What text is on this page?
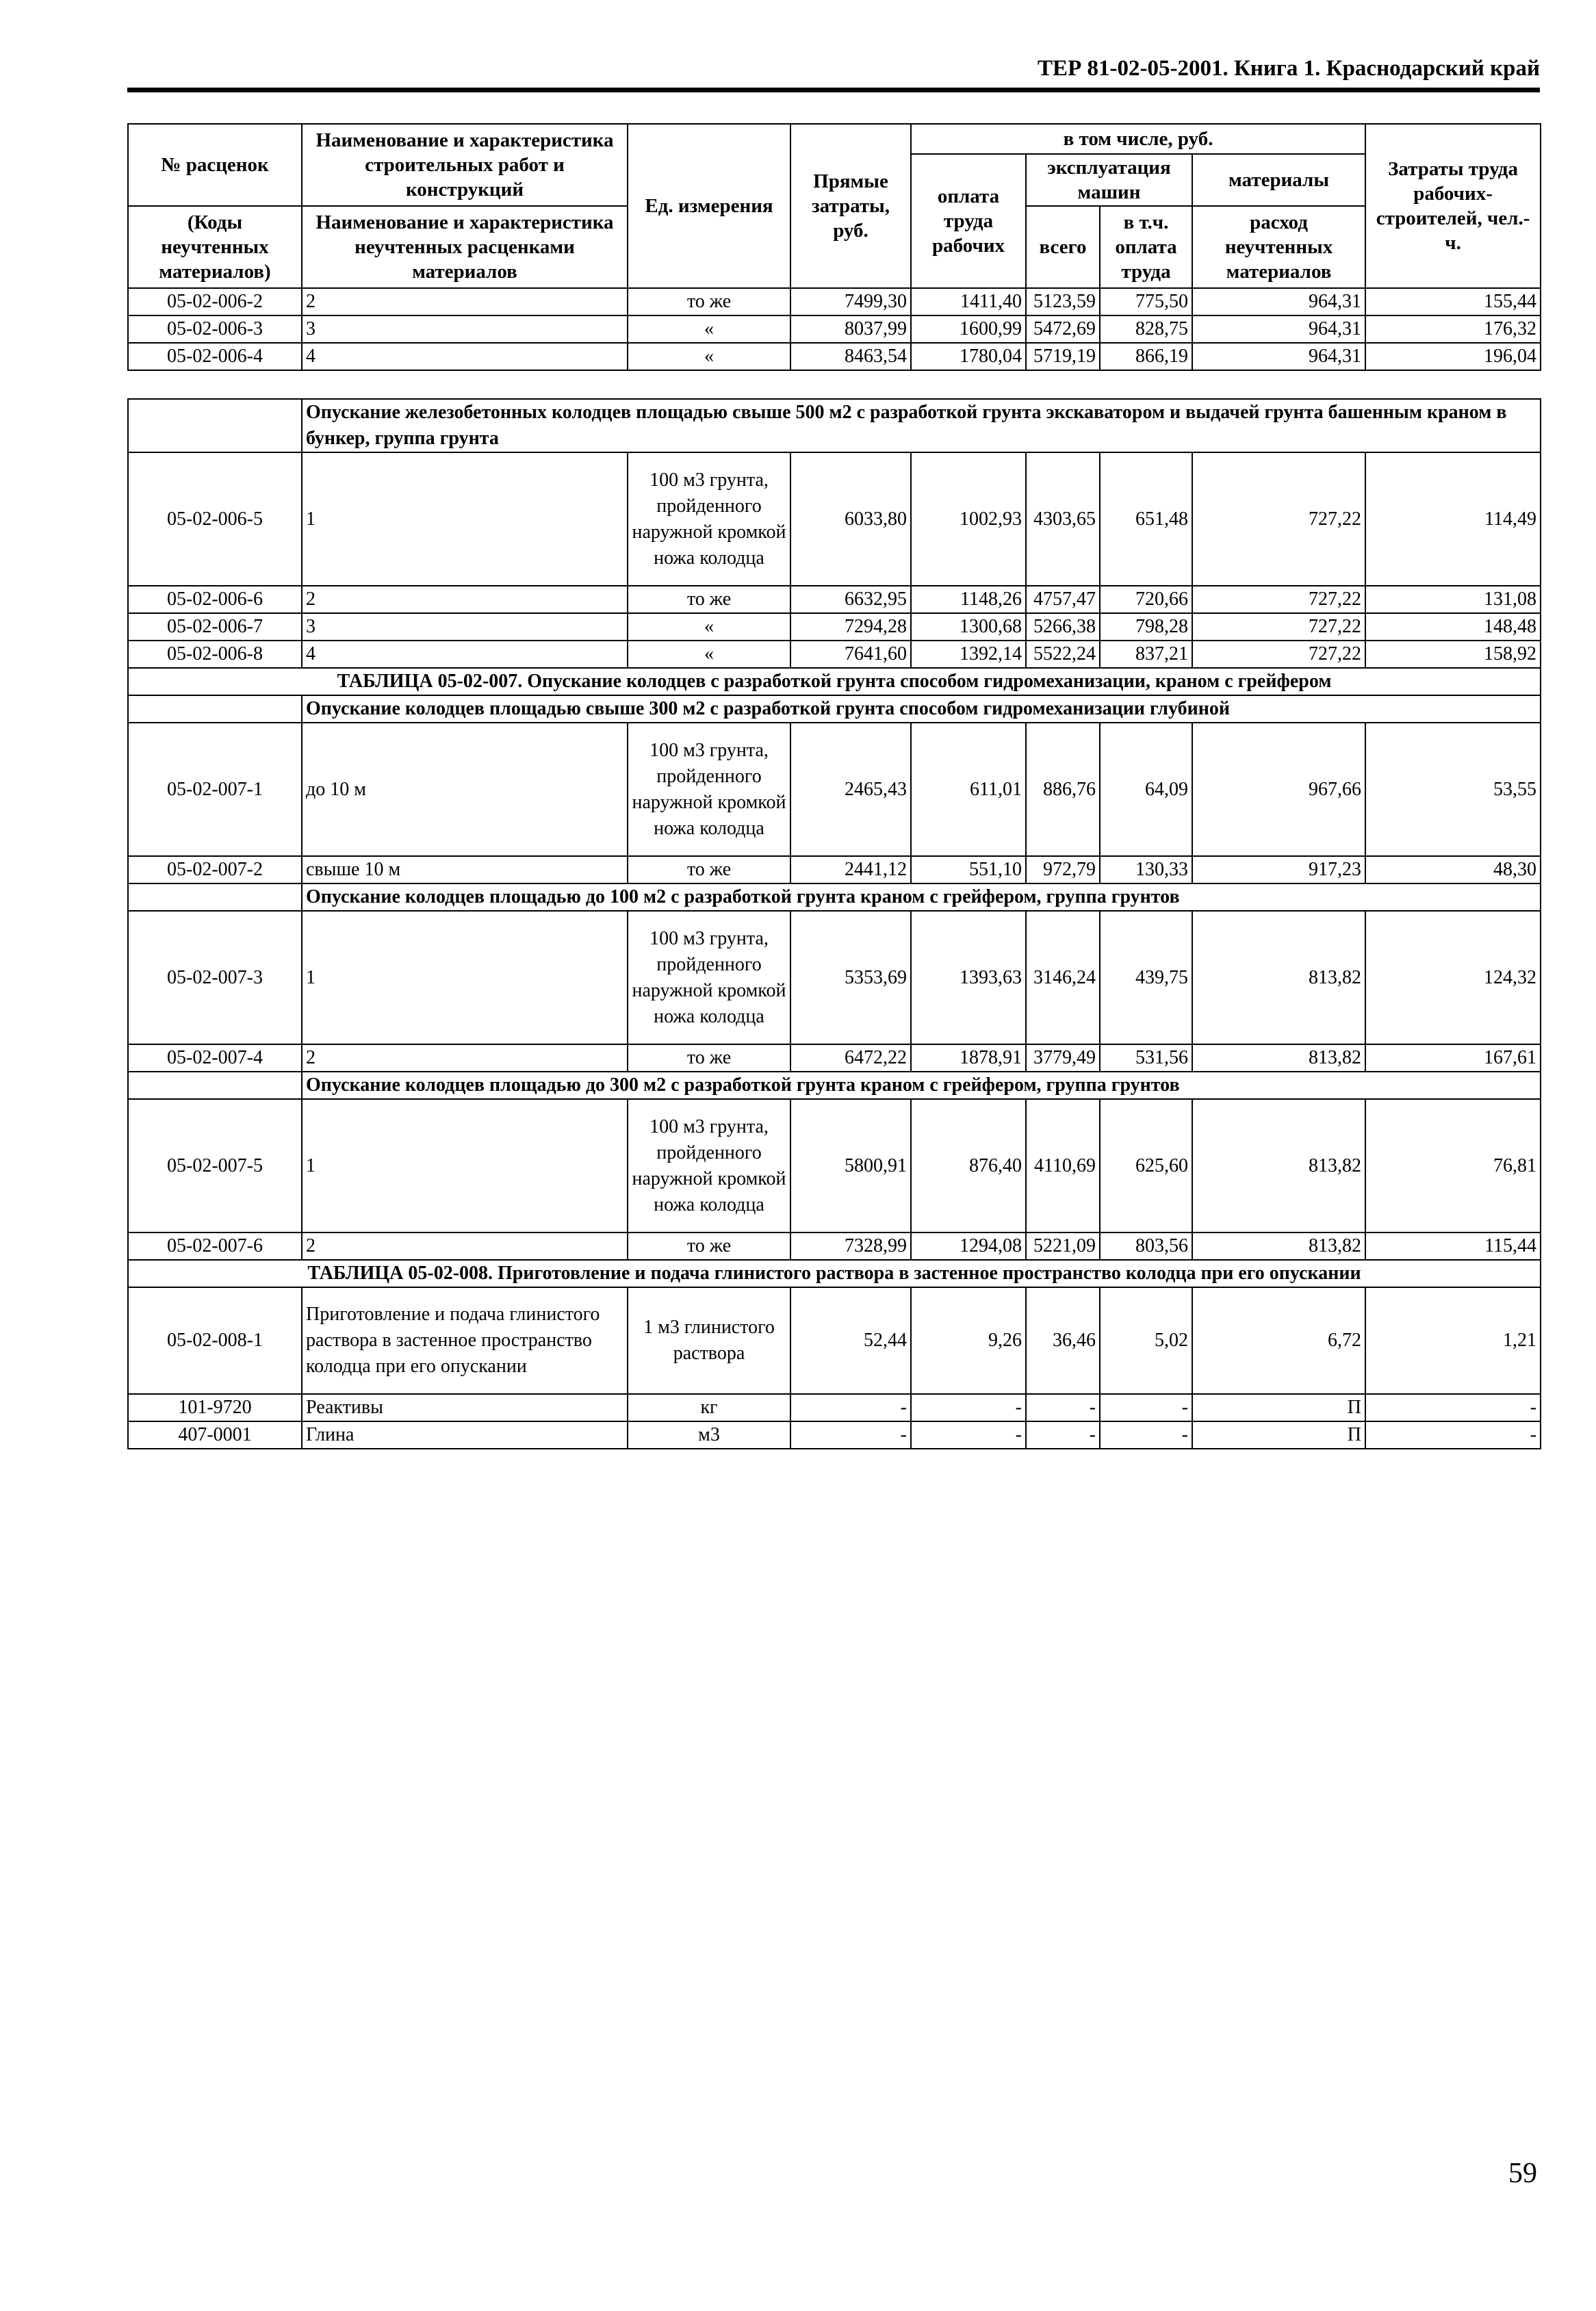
ТЕР 81-02-05-2001. Книга 1. Краснодарский край
№ расценок	Наименование и характеристика строительных работ и конструкций	Ед. измерения	Прямые затраты, руб.	в том числе, руб.				Затраты труда рабочих-строителей, чел.-ч.
				оплата труда рабочих	эксплуатация машин		материалы	

(Коды неучтенных материалов)	Наименование и характеристика неучтенных расценками материалов				всего	в т.ч. оплата труда	расход неучтенных материалов	

05-02-006-2	2	то же	7499,30	1411,40	5123,59	775,50	964,31	155,44
05-02-006-3	3	«	8037,99	1600,99	5472,69	828,75	964,31	176,32
05-02-006-4	4	«	8463,54	1780,04	5719,19	866,19	964,31	196,04
	Опускание железобетонных колодцев площадью свыше 500 м2 с разработкой грунта экскаватором и выдачей грунта башенным краном в бункер, группа грунта							
05-02-006-5	1	100 м3 грунта, пройденного наружной кромкой ножа колодца	6033,80	1002,93	4303,65	651,48	727,22	114,49
05-02-006-6	2	то же	6632,95	1148,26	4757,47	720,66	727,22	131,08
05-02-006-7	3	«	7294,28	1300,68	5266,38	798,28	727,22	148,48
05-02-006-8	4	«	7641,60	1392,14	5522,24	837,21	727,22	158,92
ТАБЛИЦА 05-02-007. Опускание колодцев с разработкой грунта способом гидромеханизации, краном с грейфером								
	Опускание колодцев площадью свыше 300 м2 с разработкой грунта способом гидромеханизации глубиной							
05-02-007-1	до 10 м	100 м3 грунта, пройденного наружной кромкой ножа колодца	2465,43	611,01	886,76	64,09	967,66	53,55
05-02-007-2	свыше 10 м	то же	2441,12	551,10	972,79	130,33	917,23	48,30
	Опускание колодцев площадью до 100 м2 с разработкой грунта краном с грейфером, группа грунтов							
05-02-007-3	1	100 м3 грунта, пройденного наружной кромкой ножа колодца	5353,69	1393,63	3146,24	439,75	813,82	124,32
05-02-007-4	2	то же	6472,22	1878,91	3779,49	531,56	813,82	167,61
	Опускание колодцев площадью до 300 м2 с разработкой грунта краном с грейфером, группа грунтов							
05-02-007-5	1	100 м3 грунта, пройденного наружной кромкой ножа колодца	5800,91	876,40	4110,69	625,60	813,82	76,81
05-02-007-6	2	то же	7328,99	1294,08	5221,09	803,56	813,82	115,44
ТАБЛИЦА 05-02-008. Приготовление и подача глинистого раствора в застенное пространство колодца при его опускании								
05-02-008-1	Приготовление и подача глинистого раствора в застенное пространство колодца при его опускании	1 м3 глинистого раствора	52,44	9,26	36,46	5,02	6,72	1,21
101-9720	Реактивы	кг	-	-	-	-	П	-
407-0001	Глина	м3	-	-	-	-	П	-
59
